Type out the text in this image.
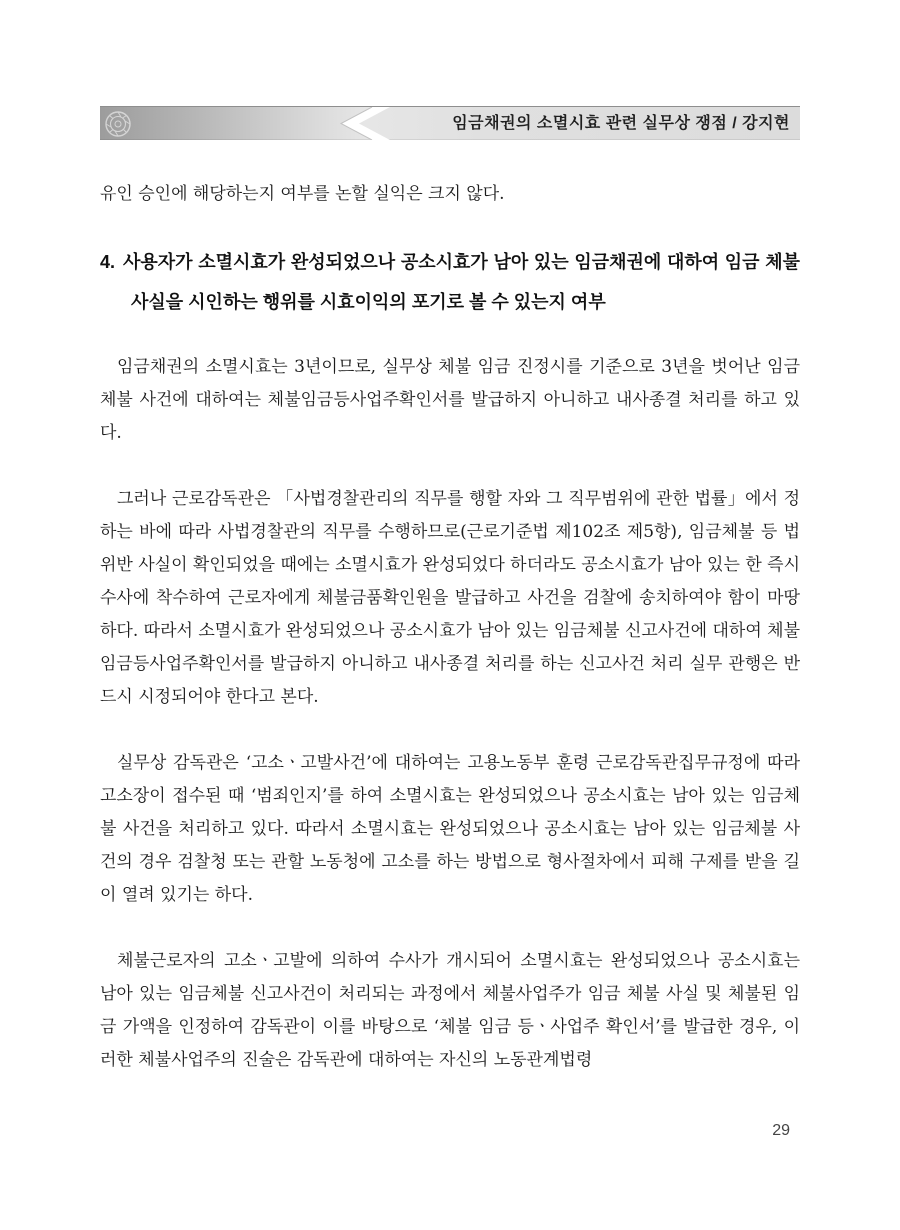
임금채권의 소멸시효 관련 실무상 쟁점 / 강지현

유인 승인에 해당하는지 여부를 논할 실익은 크지 않다.

4. 사용자가 소멸시효가 완성되었으나 공소시효가 남아 있는 임금채권에 대하여 임금 체불 사실을 시인하는 행위를 시효이익의 포기로 볼 수 있는지 여부

임금채권의 소멸시효는 3년이므로, 실무상 체불 임금 진정시를 기준으로 3년을 벗어난 임금체불 사건에 대하여는 체불임금등사업주확인서를 발급하지 아니하고 내사종결 처리를 하고 있다.

그러나 근로감독관은 「사법경찰관리의 직무를 행할 자와 그 직무범위에 관한 법률」에서 정하는 바에 따라 사법경찰관의 직무를 수행하므로(근로기준법 제102조 제5항), 임금체불 등 법 위반 사실이 확인되었을 때에는 소멸시효가 완성되었다 하더라도 공소시효가 남아 있는 한 즉시 수사에 착수하여 근로자에게 체불금품확인원을 발급하고 사건을 검찰에 송치하여야 함이 마땅하다. 따라서 소멸시효가 완성되었으나 공소시효가 남아 있는 임금체불 신고사건에 대하여 체불임금등사업주확인서를 발급하지 아니하고 내사종결 처리를 하는 신고사건 처리 실무 관행은 반드시 시정되어야 한다고 본다.

실무상 감독관은 ‘고소ㆍ고발사건’에 대하여는 고용노동부 훈령 근로감독관집무규정에 따라 고소장이 접수된 때 ‘범죄인지’를 하여 소멸시효는 완성되었으나 공소시효는 남아 있는 임금체불 사건을 처리하고 있다. 따라서 소멸시효는 완성되었으나 공소시효는 남아 있는 임금체불 사건의 경우 검찰청 또는 관할 노동청에 고소를 하는 방법으로 형사절차에서 피해 구제를 받을 길이 열려 있기는 하다.

체불근로자의 고소ㆍ고발에 의하여 수사가 개시되어 소멸시효는 완성되었으나 공소시효는 남아 있는 임금체불 신고사건이 처리되는 과정에서 체불사업주가 임금 체불 사실 및 체불된 임금 가액을 인정하여 감독관이 이를 바탕으로 ‘체불 임금 등ㆍ사업주 확인서’를 발급한 경우, 이러한 체불사업주의 진술은 감독관에 대하여는 자신의 노동관계법령

29
